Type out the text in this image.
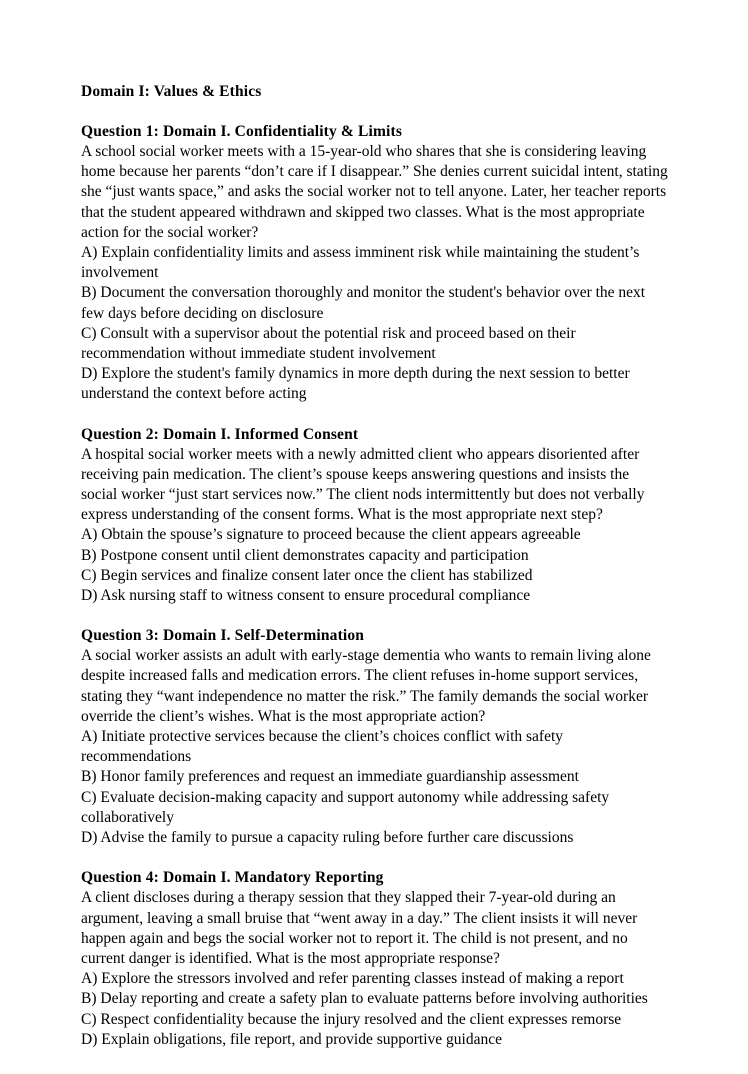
Domain I: Values & Ethics
Question 1: Domain I. Confidentiality & Limits
A school social worker meets with a 15-year-old who shares that she is considering leaving home because her parents “don’t care if I disappear.” She denies current suicidal intent, stating she “just wants space,” and asks the social worker not to tell anyone. Later, her teacher reports that the student appeared withdrawn and skipped two classes. What is the most appropriate action for the social worker?
A) Explain confidentiality limits and assess imminent risk while maintaining the student’s involvement
B) Document the conversation thoroughly and monitor the student's behavior over the next few days before deciding on disclosure
C) Consult with a supervisor about the potential risk and proceed based on their recommendation without immediate student involvement
D) Explore the student's family dynamics in more depth during the next session to better understand the context before acting
Question 2: Domain I. Informed Consent
A hospital social worker meets with a newly admitted client who appears disoriented after receiving pain medication. The client’s spouse keeps answering questions and insists the social worker “just start services now.” The client nods intermittently but does not verbally express understanding of the consent forms. What is the most appropriate next step?
A) Obtain the spouse’s signature to proceed because the client appears agreeable
B) Postpone consent until client demonstrates capacity and participation
C) Begin services and finalize consent later once the client has stabilized
D) Ask nursing staff to witness consent to ensure procedural compliance
Question 3: Domain I. Self-Determination
A social worker assists an adult with early-stage dementia who wants to remain living alone despite increased falls and medication errors. The client refuses in-home support services, stating they “want independence no matter the risk.” The family demands the social worker override the client’s wishes. What is the most appropriate action?
A) Initiate protective services because the client’s choices conflict with safety recommendations
B) Honor family preferences and request an immediate guardianship assessment
C) Evaluate decision-making capacity and support autonomy while addressing safety collaboratively
D) Advise the family to pursue a capacity ruling before further care discussions
Question 4: Domain I. Mandatory Reporting
A client discloses during a therapy session that they slapped their 7-year-old during an argument, leaving a small bruise that “went away in a day.” The client insists it will never happen again and begs the social worker not to report it. The child is not present, and no current danger is identified. What is the most appropriate response?
A) Explore the stressors involved and refer parenting classes instead of making a report
B) Delay reporting and create a safety plan to evaluate patterns before involving authorities
C) Respect confidentiality because the injury resolved and the client expresses remorse
D) Explain obligations, file report, and provide supportive guidance
